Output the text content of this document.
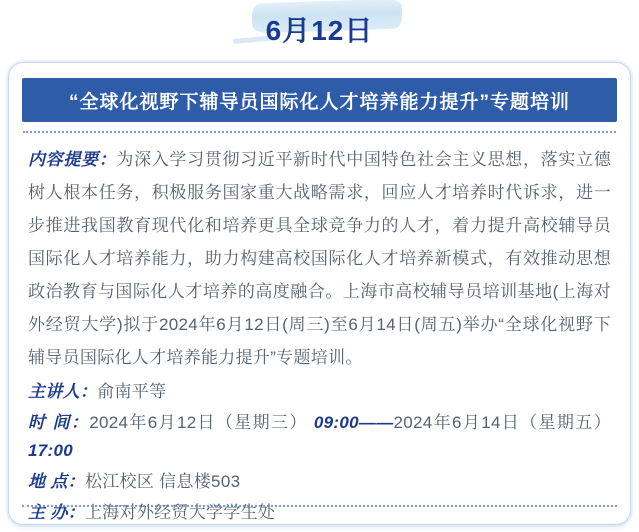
6月12日
“全球化视野下辅导员国际化人才培养能力提升”专题培训

内容提要：为深入学习贯彻习近平新时代中国特色社会主义思想，落实立德树人根本任务，积极服务国家重大战略需求，回应人才培养时代诉求，进一步推进我国教育现代化和培养更具全球竞争力的人才，着力提升高校辅导员国际化人才培养能力，助力构建高校国际化人才培养新模式，有效推动思想政治教育与国际化人才培养的高度融合。上海市高校辅导员培训基地(上海对外经贸大学)拟于2024年6月12日(周三)至6月14日(周五)举办“全球化视野下辅导员国际化人才培养能力提升”专题培训。

主讲人：俞南平等

时 间：2024年6月12日（星期三） 09:00——2024年6月14日（星期五）17:00

地 点：松江校区 信息楼503

主 办：上海对外经贸大学学生处
